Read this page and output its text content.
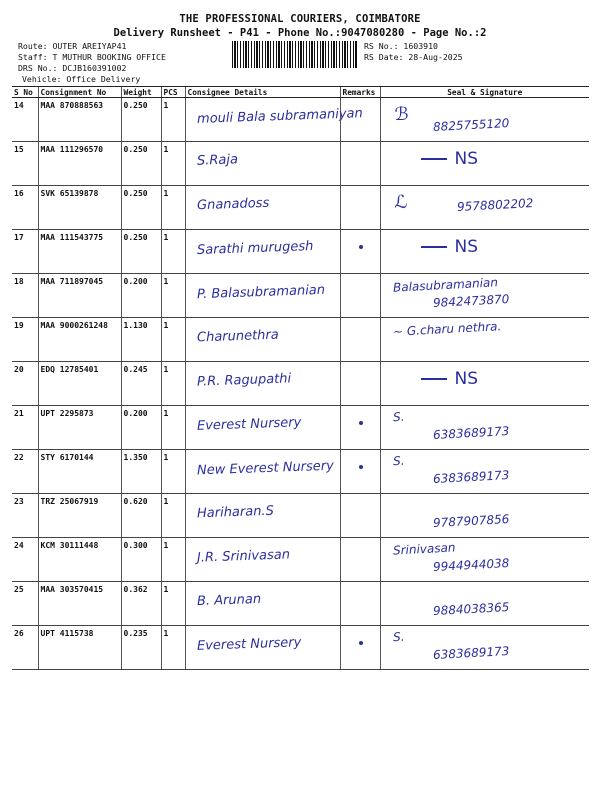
THE PROFESSIONAL COURIERS, COIMBATORE
Delivery Runsheet - P41 - Phone No.:9047080280 - Page No.:2
Route: OUTER AREIYAP41
Staff: T MUTHUR BOOKING OFFICE
DRS No.: DCJB160391002
Vehicle: Office Delivery
RS No.: 1603910
RS Date: 28-Aug-2025
S No	Consignment No	Weight	PCS	Consignee Details	Remarks	Seal & Signature
14	MAA 870888563	0.250	1	mouli Bala subramaniyan		ℬ
8825755120

15	MAA 111296570	0.250	1	S.Raja		NS

16	SVK 65139878	0.250	1	Gnanadoss		ℒ 9578802202

17	MAA 111543775	0.250	1	Sarathi murugesh		NS

18	MAA 711897045	0.200	1	P. Balasubramanian		Balasubramanian
9842473870

19	MAA 9000261248	1.130	1	Charunethra		~ G.charu nethra.

20	EDQ 12785401	0.245	1	P.R. Ragupathi		NS

21	UPT 2295873	0.200	1	Everest Nursery		S.
6383689173

22	STY 6170144	1.350	1	New Everest Nursery		S.
6383689173

23	TRZ 25067919	0.620	1	Hariharan.S		9787907856

24	KCM 30111448	0.300	1	J.R. Srinivasan		Srinivasan
9944944038

25	MAA 303570415	0.362	1	B. Arunan		9884038365

26	UPT 4115738	0.235	1	Everest Nursery		S.
6383689173
